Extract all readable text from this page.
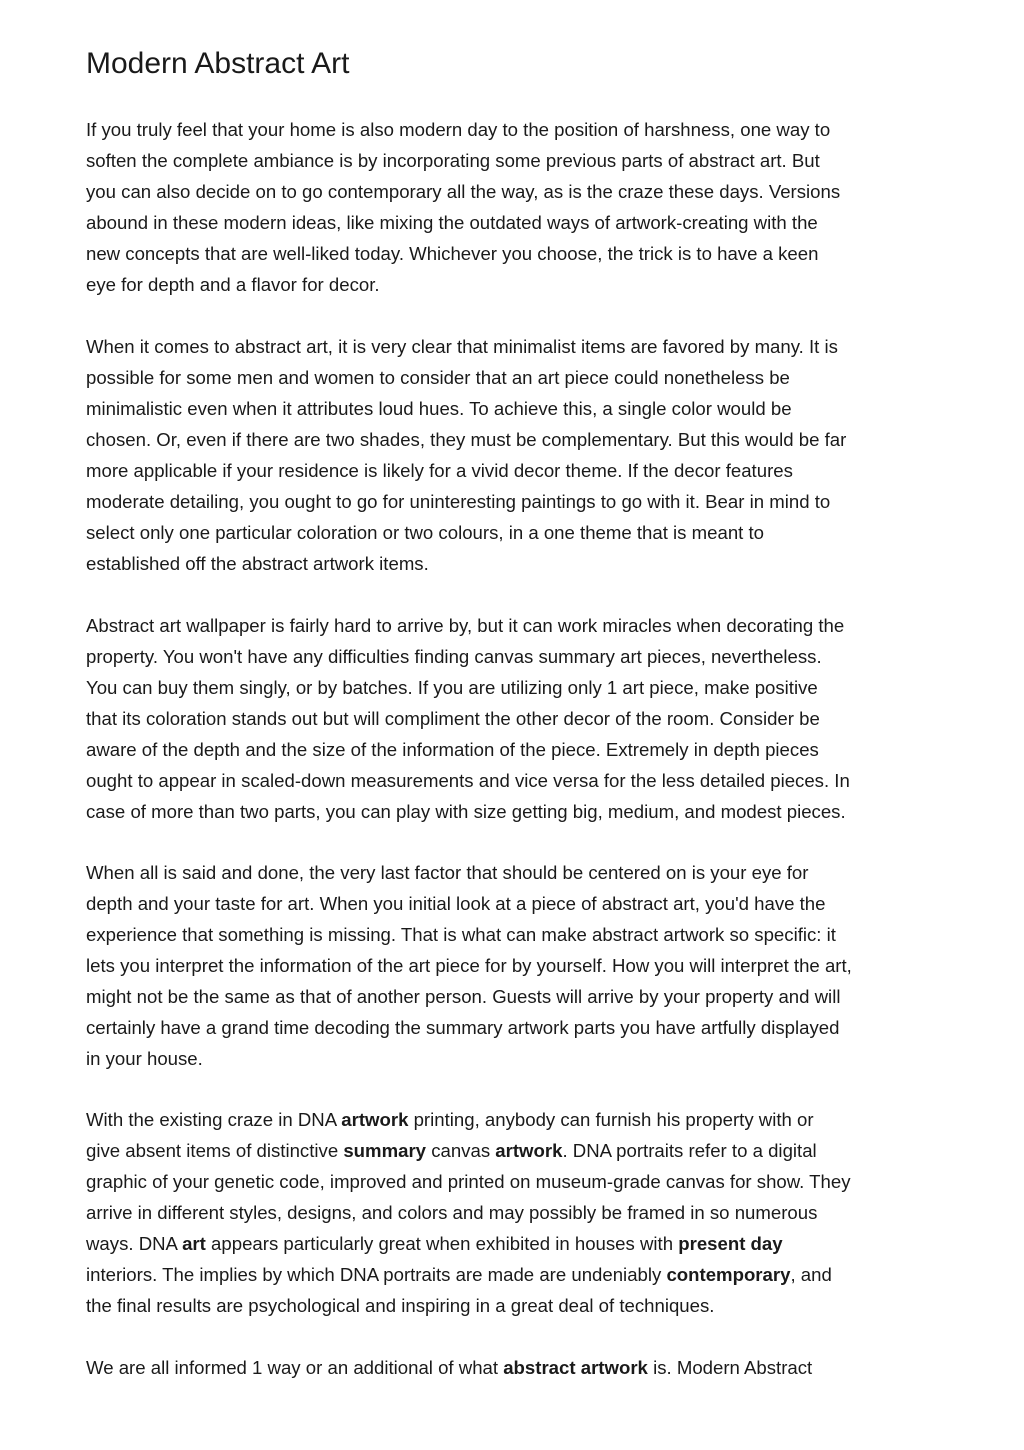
Modern Abstract Art

If you truly feel that your home is also modern day to the position of harshness, one way to
soften the complete ambiance is by incorporating some previous parts of abstract art. But
you can also decide on to go contemporary all the way, as is the craze these days. Versions
abound in these modern ideas, like mixing the outdated ways of artwork-creating with the
new concepts that are well-liked today. Whichever you choose, the trick is to have a keen
eye for depth and a flavor for decor.

When it comes to abstract art, it is very clear that minimalist items are favored by many. It is
possible for some men and women to consider that an art piece could nonetheless be
minimalistic even when it attributes loud hues. To achieve this, a single color would be
chosen. Or, even if there are two shades, they must be complementary. But this would be far
more applicable if your residence is likely for a vivid decor theme. If the decor features
moderate detailing, you ought to go for uninteresting paintings to go with it. Bear in mind to
select only one particular coloration or two colours, in a one theme that is meant to
established off the abstract artwork items.

Abstract art wallpaper is fairly hard to arrive by, but it can work miracles when decorating the
property. You won't have any difficulties finding canvas summary art pieces, nevertheless.
You can buy them singly, or by batches. If you are utilizing only 1 art piece, make positive
that its coloration stands out but will compliment the other decor of the room. Consider be
aware of the depth and the size of the information of the piece. Extremely in depth pieces
ought to appear in scaled-down measurements and vice versa for the less detailed pieces. In
case of more than two parts, you can play with size getting big, medium, and modest pieces.

When all is said and done, the very last factor that should be centered on is your eye for
depth and your taste for art. When you initial look at a piece of abstract art, you'd have the
experience that something is missing. That is what can make abstract artwork so specific: it
lets you interpret the information of the art piece for by yourself. How you will interpret the art,
might not be the same as that of another person. Guests will arrive by your property and will
certainly have a grand time decoding the summary artwork parts you have artfully displayed
in your house.

With the existing craze in DNA artwork printing, anybody can furnish his property with or
give absent items of distinctive summary canvas artwork. DNA portraits refer to a digital
graphic of your genetic code, improved and printed on museum-grade canvas for show. They
arrive in different styles, designs, and colors and may possibly be framed in so numerous
ways. DNA art appears particularly great when exhibited in houses with present day
interiors. The implies by which DNA portraits are made are undeniably contemporary, and
the final results are psychological and inspiring in a great deal of techniques.

We are all informed 1 way or an additional of what abstract artwork is. Modern Abstract
